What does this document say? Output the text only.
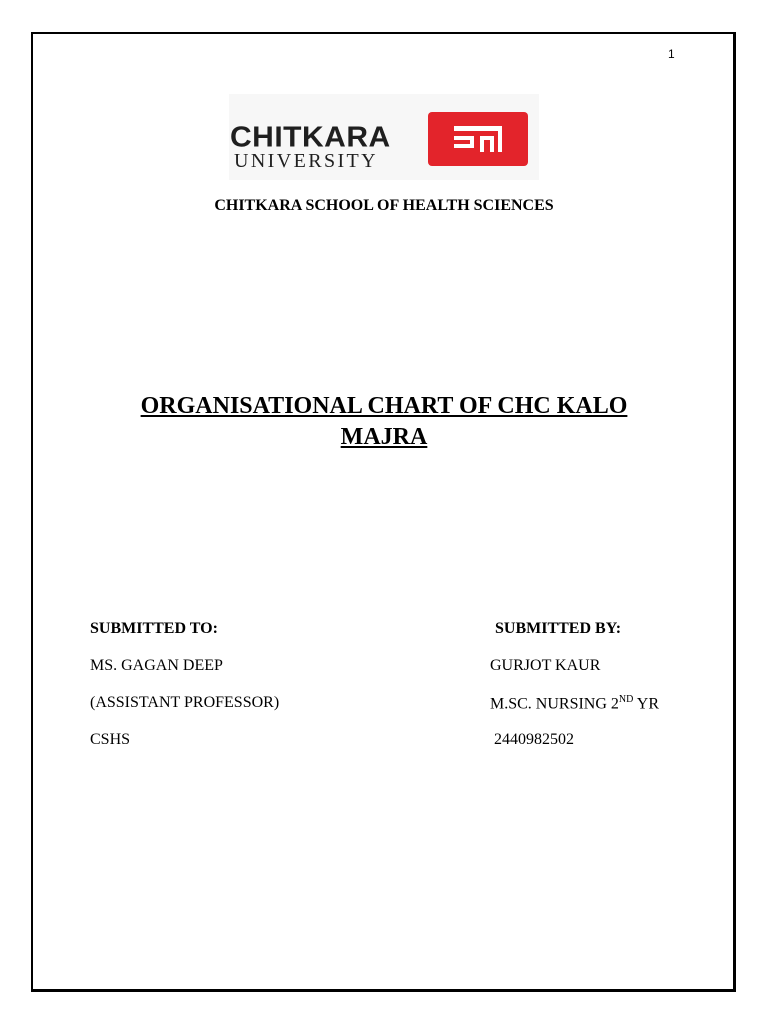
1
CHITKARA
UNIVERSITY
CHITKARA SCHOOL OF HEALTH SCIENCES
ORGANISATIONAL CHART OF CHC KALO
MAJRA
SUBMITTED TO:
MS. GAGAN DEEP
(ASSISTANT PROFESSOR)
CSHS
SUBMITTED BY:
GURJOT KAUR
M.SC. NURSING 2ND YR
2440982502
